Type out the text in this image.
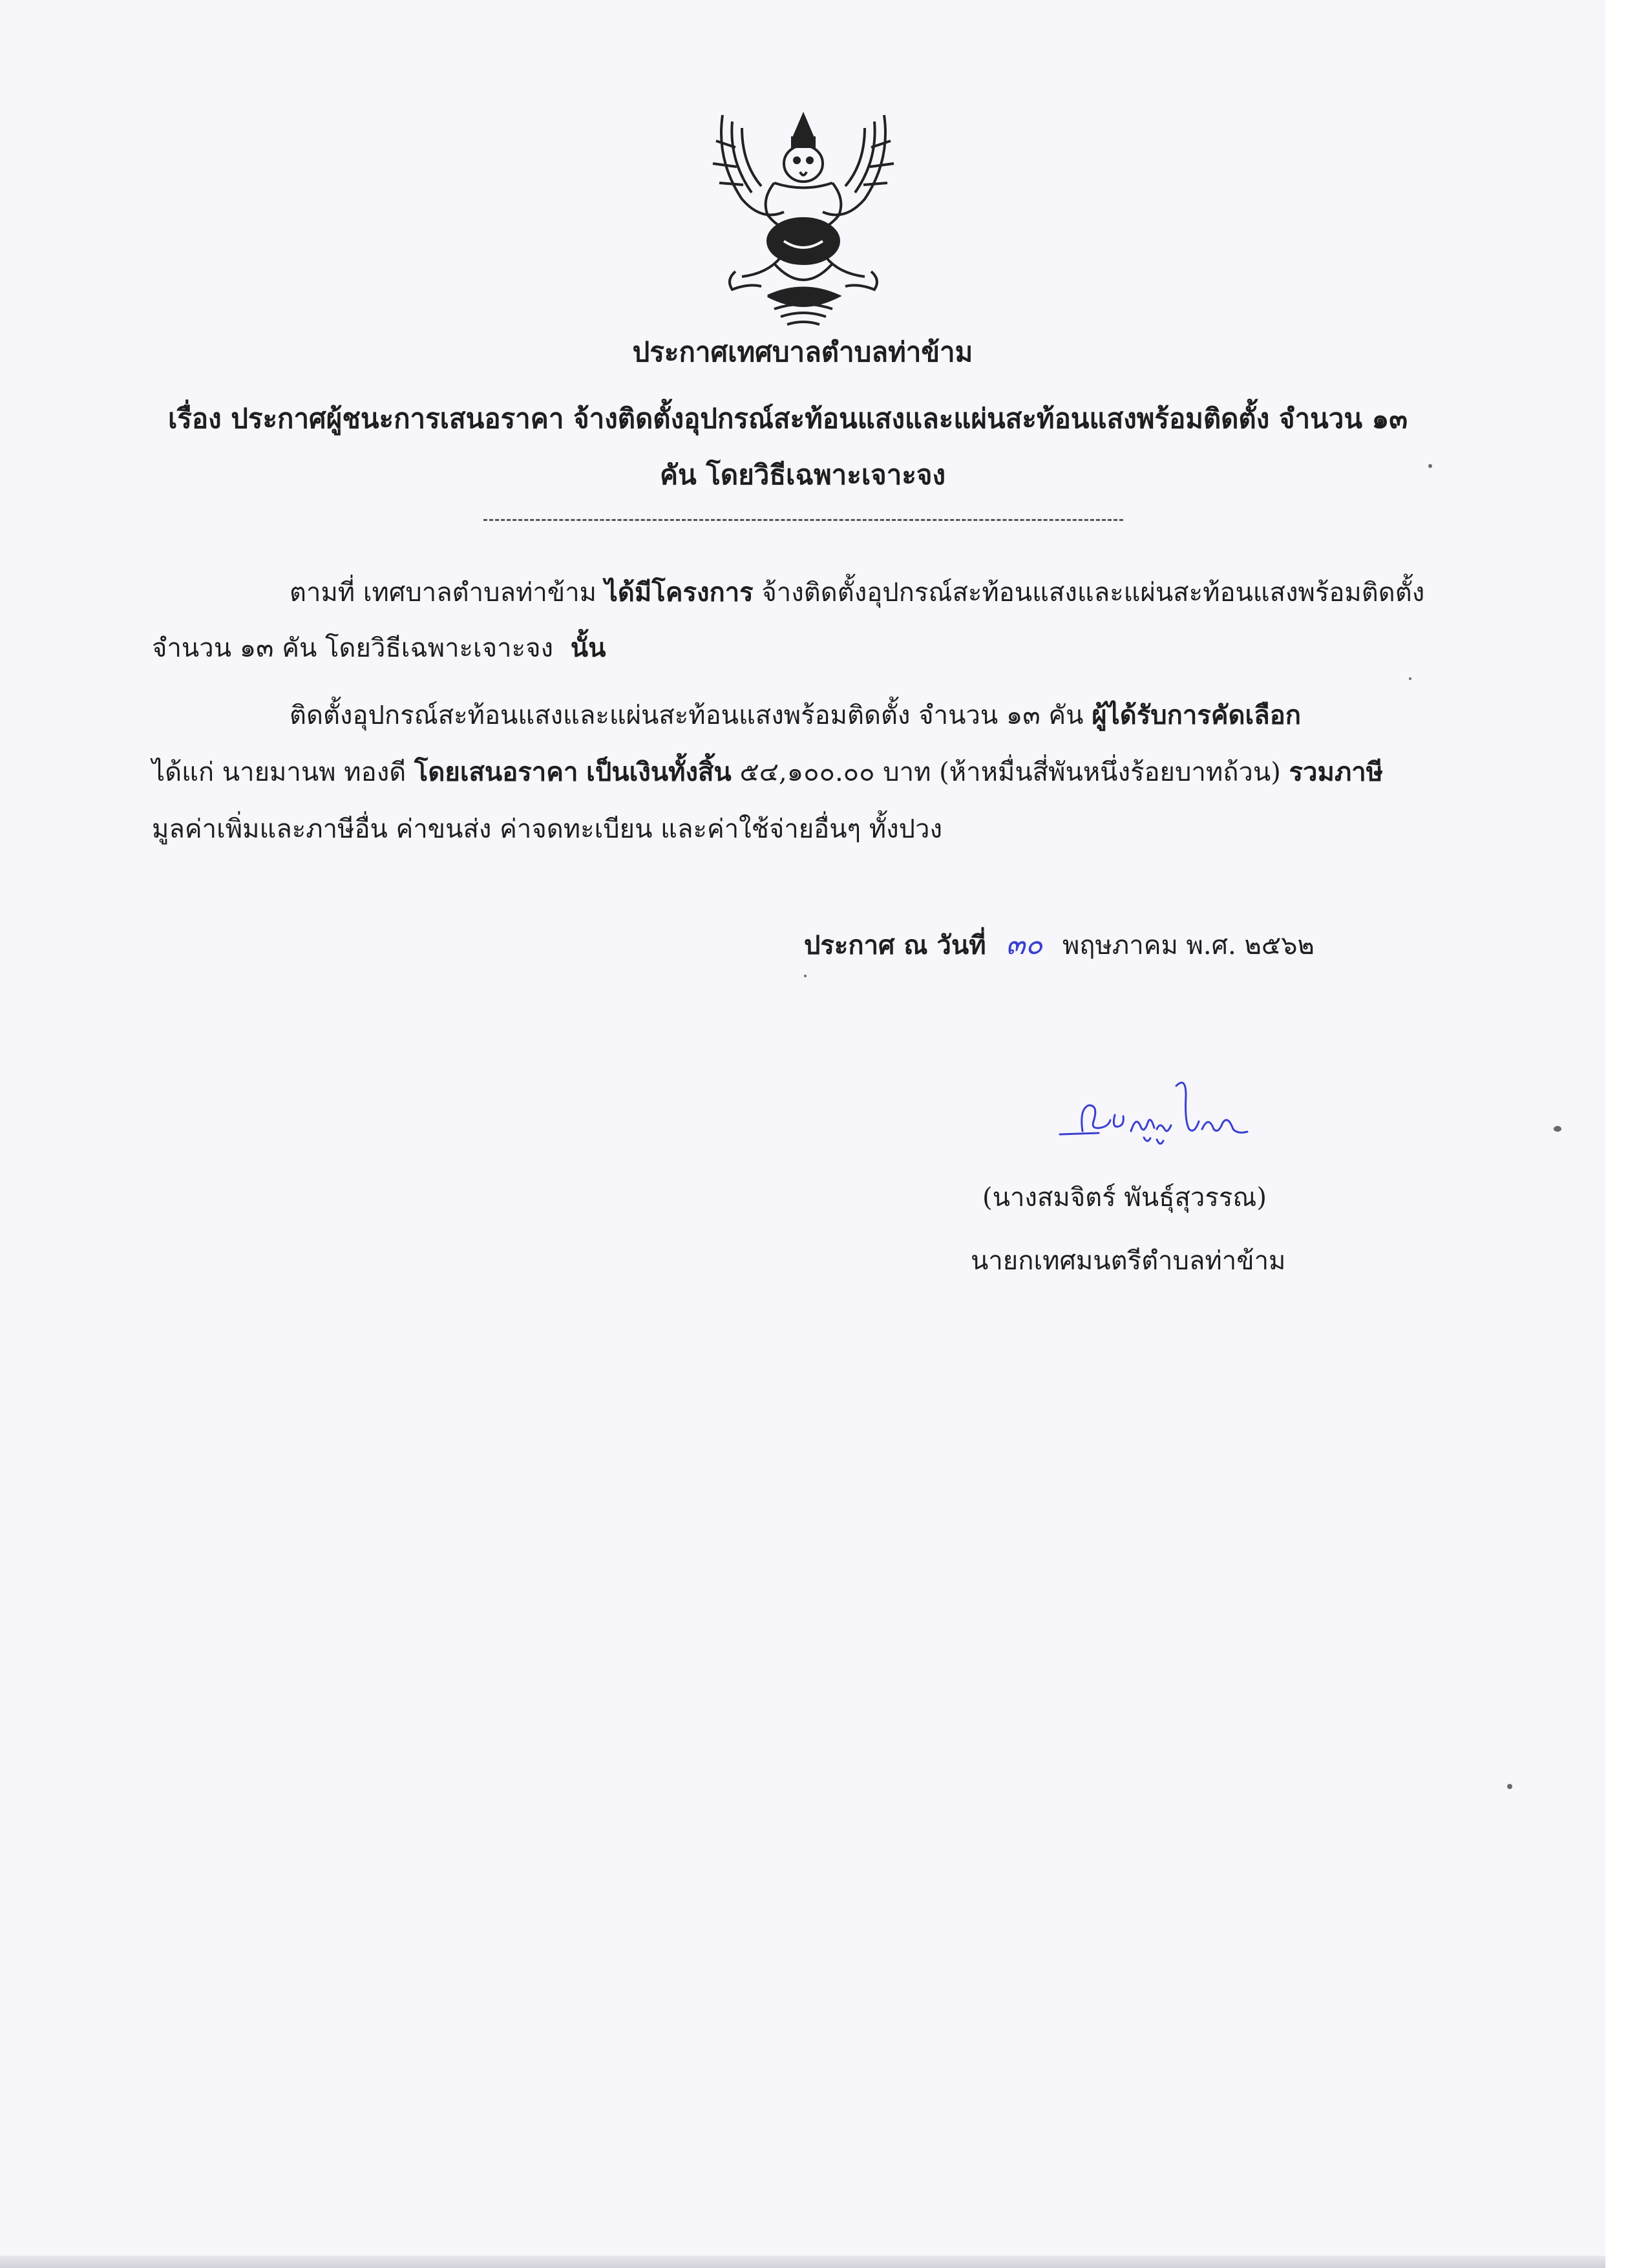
ประกาศเทศบาลตำบลท่าข้าม
เรื่อง ประกาศผู้ชนะการเสนอราคา จ้างติดตั้งอุปกรณ์สะท้อนแสงและแผ่นสะท้อนแสงพร้อมติดตั้ง จำนวน ๑๓
คัน โดยวิธีเฉพาะเจาะจง
ตามที่ เทศบาลตำบลท่าข้าม ได้มีโครงการ จ้างติดตั้งอุปกรณ์สะท้อนแสงและแผ่นสะท้อนแสงพร้อมติดตั้ง
จำนวน ๑๓ คัน โดยวิธีเฉพาะเจาะจง นั้น
ติดตั้งอุปกรณ์สะท้อนแสงและแผ่นสะท้อนแสงพร้อมติดตั้ง จำนวน ๑๓ คัน ผู้ได้รับการคัดเลือก
ได้แก่ นายมานพ ทองดี โดยเสนอราคา เป็นเงินทั้งสิ้น ๕๔,๑๐๐.๐๐ บาท (ห้าหมื่นสี่พันหนึ่งร้อยบาทถ้วน) รวมภาษี
มูลค่าเพิ่มและภาษีอื่น ค่าขนส่ง ค่าจดทะเบียน และค่าใช้จ่ายอื่นๆ ทั้งปวง
ประกาศ ณ วันที่ ๓๐ พฤษภาคม พ.ศ. ๒๕๖๒
(นางสมจิตร์ พันธุ์สุวรรณ)
นายกเทศมนตรีตำบลท่าข้าม
